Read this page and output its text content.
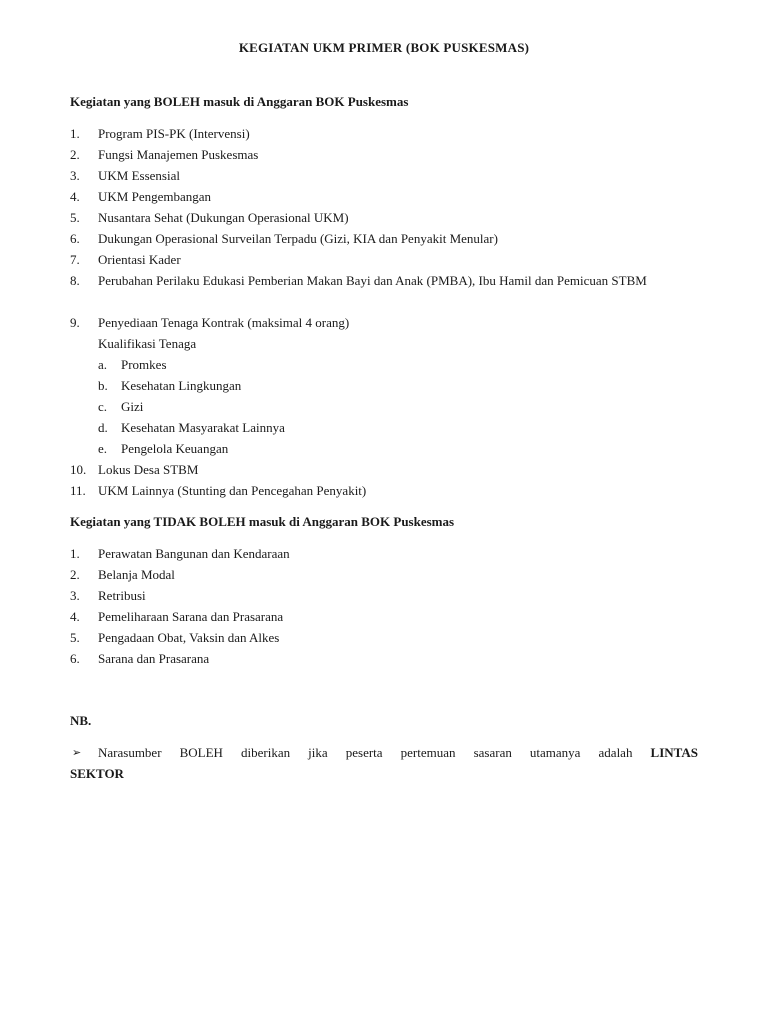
KEGIATAN UKM PRIMER (BOK PUSKESMAS)
Kegiatan yang BOLEH masuk di Anggaran BOK Puskesmas
1. Program PIS-PK (Intervensi)
2. Fungsi Manajemen Puskesmas
3. UKM Essensial
4. UKM Pengembangan
5. Nusantara Sehat (Dukungan Operasional UKM)
6. Dukungan Operasional Surveilan Terpadu (Gizi, KIA dan Penyakit Menular)
7. Orientasi Kader
8. Perubahan Perilaku Edukasi Pemberian Makan Bayi dan Anak (PMBA), Ibu Hamil dan Pemicuan STBM
9. Penyediaan Tenaga Kontrak (maksimal 4 orang)
Kualifikasi Tenaga
a. Promkes
b. Kesehatan Lingkungan
c. Gizi
d. Kesehatan Masyarakat Lainnya
e. Pengelola Keuangan
10. Lokus Desa STBM
11. UKM Lainnya (Stunting dan Pencegahan Penyakit)
Kegiatan yang TIDAK BOLEH masuk di Anggaran BOK Puskesmas
1. Perawatan Bangunan dan Kendaraan
2. Belanja Modal
3. Retribusi
4. Pemeliharaan Sarana dan Prasarana
5. Pengadaan Obat, Vaksin dan Alkes
6. Sarana dan Prasarana
NB.
➢ Narasumber BOLEH diberikan jika peserta pertemuan sasaran utamanya adalah LINTAS
SEKTOR
